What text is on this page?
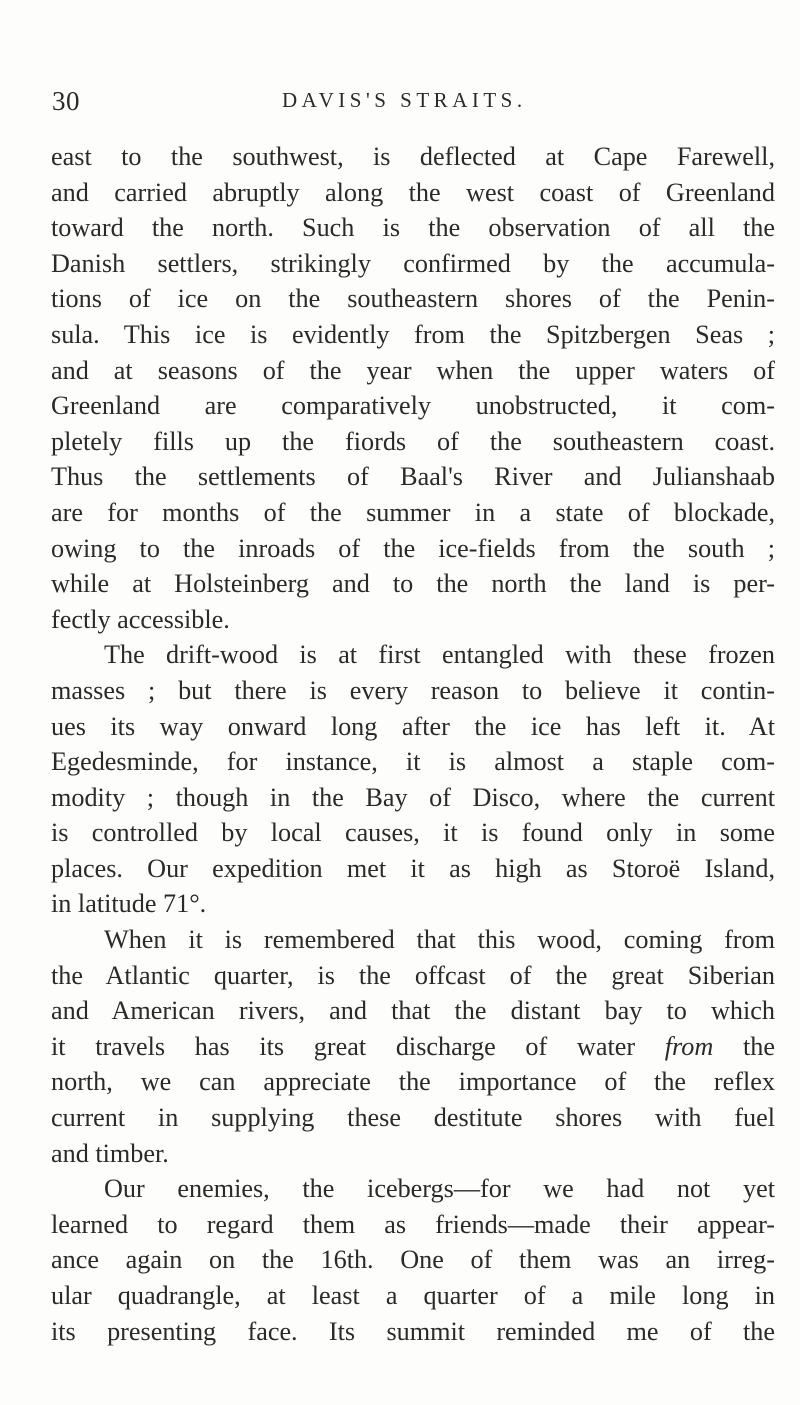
30	DAVIS'S STRAITS.
east to the southwest, is deflected at Cape Farewell,
and carried abruptly along the west coast of Greenland
toward the north. Such is the observation of all the
Danish settlers, strikingly confirmed by the accumula-
tions of ice on the southeastern shores of the Penin-
sula. This ice is evidently from the Spitzbergen Seas ;
and at seasons of the year when the upper waters of
Greenland are comparatively unobstructed, it com-
pletely fills up the fiords of the southeastern coast.
Thus the settlements of Baal's River and Julianshaab
are for months of the summer in a state of blockade,
owing to the inroads of the ice-fields from the south ;
while at Holsteinberg and to the north the land is per-
fectly accessible.
The drift-wood is at first entangled with these frozen
masses ; but there is every reason to believe it contin-
ues its way onward long after the ice has left it. At
Egedesminde, for instance, it is almost a staple com-
modity ; though in the Bay of Disco, where the current
is controlled by local causes, it is found only in some
places. Our expedition met it as high as Storoë Island,
in latitude 71°.
When it is remembered that this wood, coming from
the Atlantic quarter, is the offcast of the great Siberian
and American rivers, and that the distant bay to which
it travels has its great discharge of water from the
north, we can appreciate the importance of the reflex
current in supplying these destitute shores with fuel
and timber.
Our enemies, the icebergs—for we had not yet
learned to regard them as friends—made their appear-
ance again on the 16th. One of them was an irreg-
ular quadrangle, at least a quarter of a mile long in
its presenting face. Its summit reminded me of the
